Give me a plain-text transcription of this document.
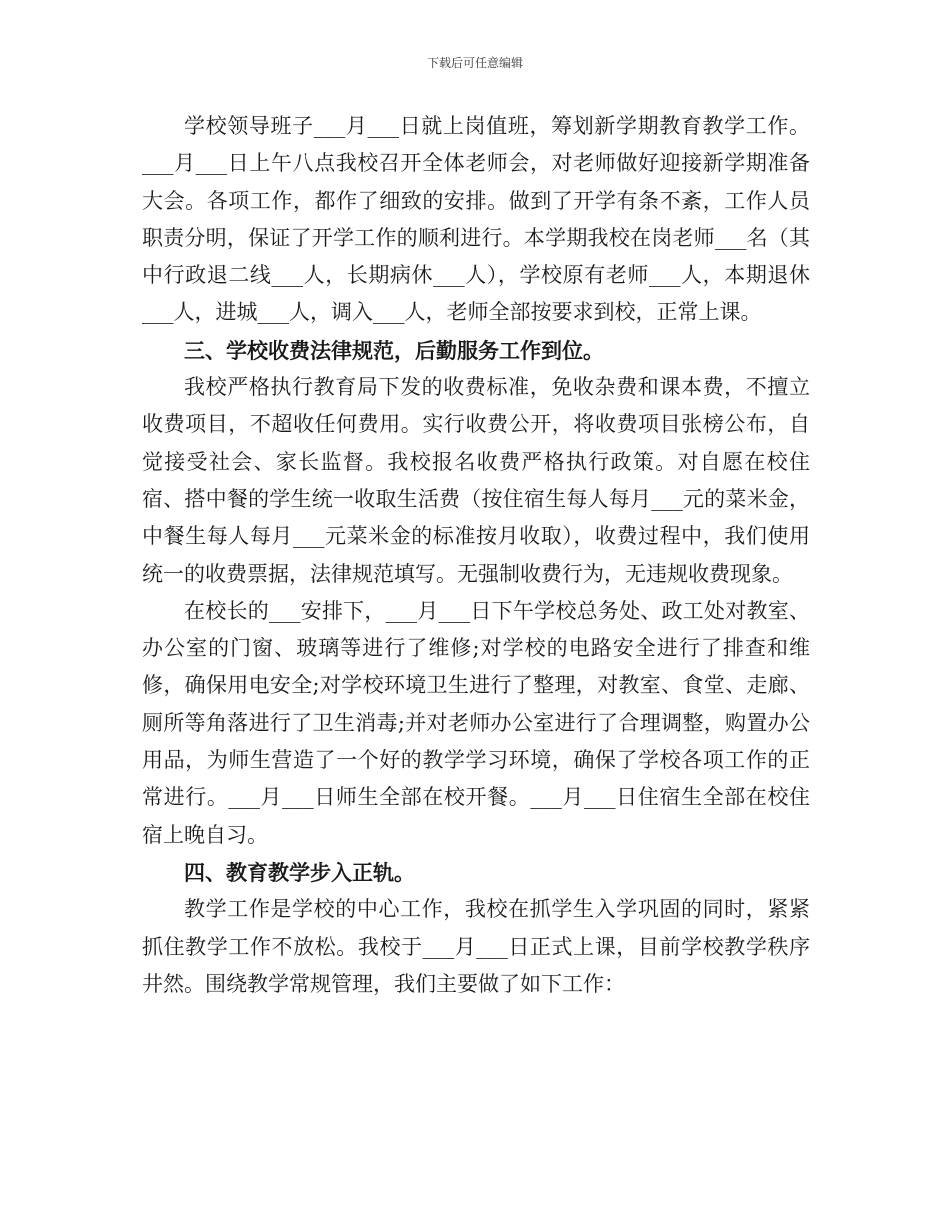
下载后可任意编辑

学校领导班子___月___日就上岗值班，筹划新学期教育教学工作。___月___日上午八点我校召开全体老师会，对老师做好迎接新学期准备大会。各项工作，都作了细致的安排。做到了开学有条不紊，工作人员职责分明，保证了开学工作的顺利进行。本学期我校在岗老师___名（其中行政退二线___人，长期病休___人），学校原有老师___人，本期退休___人，进城___人，调入___人，老师全部按要求到校，正常上课。

三、学校收费法律规范，后勤服务工作到位。

我校严格执行教育局下发的收费标准，免收杂费和课本费，不擅立收费项目，不超收任何费用。实行收费公开，将收费项目张榜公布，自觉接受社会、家长监督。我校报名收费严格执行政策。对自愿在校住宿、搭中餐的学生统一收取生活费（按住宿生每人每月___元的菜米金，中餐生每人每月___元菜米金的标准按月收取），收费过程中，我们使用统一的收费票据，法律规范填写。无强制收费行为，无违规收费现象。

在校长的___安排下，___月___日下午学校总务处、政工处对教室、办公室的门窗、玻璃等进行了维修;对学校的电路安全进行了排查和维修，确保用电安全;对学校环境卫生进行了整理，对教室、食堂、走廊、厕所等角落进行了卫生消毒;并对老师办公室进行了合理调整，购置办公用品，为师生营造了一个好的教学学习环境，确保了学校各项工作的正常进行。___月___日师生全部在校开餐。___月___日住宿生全部在校住宿上晚自习。

四、教育教学步入正轨。

教学工作是学校的中心工作，我校在抓学生入学巩固的同时，紧紧抓住教学工作不放松。我校于___月___日正式上课，目前学校教学秩序井然。围绕教学常规管理，我们主要做了如下工作：
